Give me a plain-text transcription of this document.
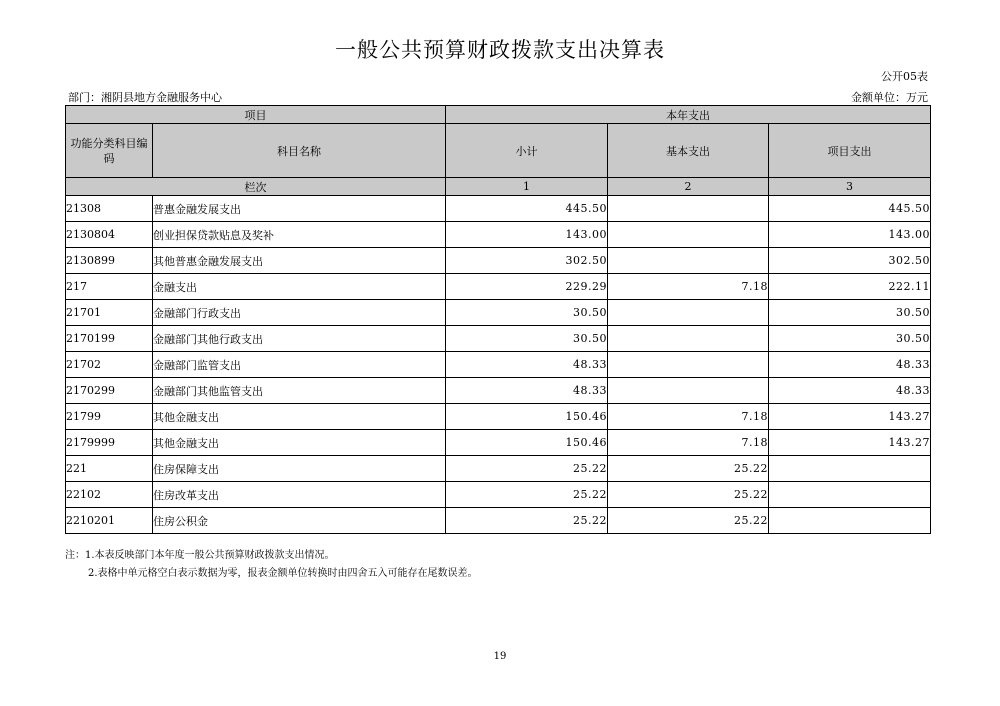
一般公共预算财政拨款支出决算表
公开05表
部门：湘阴县地方金融服务中心	金额单位：万元
项目		本年支出		
功能分类科目编码	科目名称	小计	基本支出	项目支出
栏次		1	2	3
21308	普惠金融发展支出	445.50		445.50
2130804	创业担保贷款贴息及奖补	143.00		143.00
2130899	其他普惠金融发展支出	302.50		302.50
217	金融支出	229.29	7.18	222.11
21701	金融部门行政支出	30.50		30.50
2170199	金融部门其他行政支出	30.50		30.50
21702	金融部门监管支出	48.33		48.33
2170299	金融部门其他监管支出	48.33		48.33
21799	其他金融支出	150.46	7.18	143.27
2179999	其他金融支出	150.46	7.18	143.27
221	住房保障支出	25.22	25.22	
22102	住房改革支出	25.22	25.22	
2210201	住房公积金	25.22	25.22	
注：1.本表反映部门本年度一般公共预算财政拨款支出情况。
2.表格中单元格空白表示数据为零，报表金额单位转换时由四舍五入可能存在尾数误差。
19
